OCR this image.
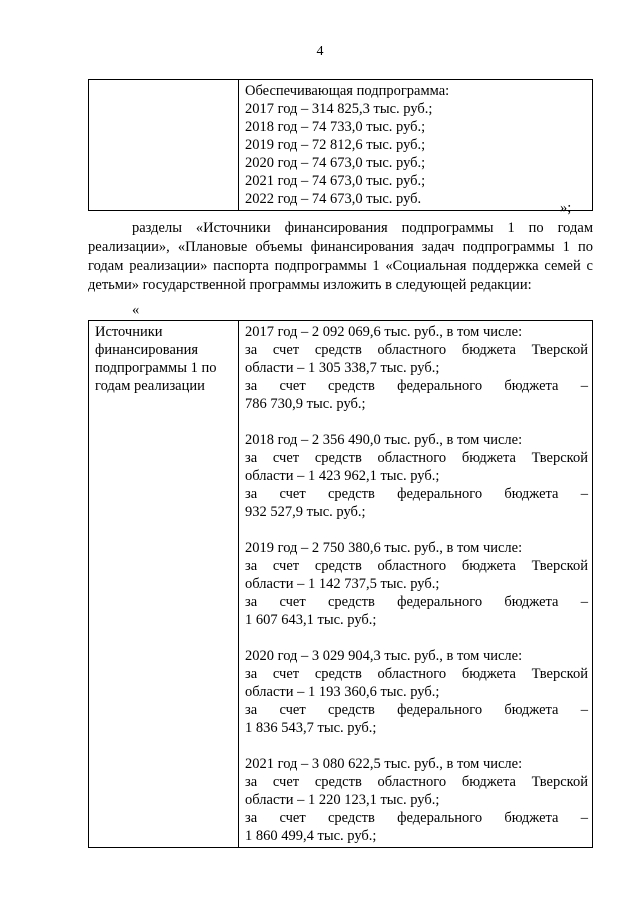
4

Обеспечивающая подпрограмма:
2017 год – 314 825,3 тыс. руб.;
2018 год – 74 733,0 тыс. руб.;
2019 год – 72 812,6 тыс. руб.;
2020 год – 74 673,0 тыс. руб.;
2021 год – 74 673,0 тыс. руб.;
2022 год – 74 673,0 тыс. руб.
»;
разделы «Источники финансирования подпрограммы 1 по годам реализации», «Плановые объемы финансирования задач подпрограммы 1 по годам реализации» паспорта подпрограммы 1 «Социальная поддержка семей с детьми» государственной программы изложить в следующей редакции:
«
Источники финансирования подпрограммы 1 по годам реализации	
2017 год – 2 092 069,6 тыс. руб., в том числе:
за счет средств областного бюджета Тверской
области – 1 305 338,7 тыс. руб.;
за счет средств федерального бюджета –
786 730,9 тыс. руб.;
2018 год – 2 356 490,0 тыс. руб., в том числе:
за счет средств областного бюджета Тверской
области – 1 423 962,1 тыс. руб.;
за счет средств федерального бюджета –
932 527,9 тыс. руб.;
2019 год – 2 750 380,6 тыс. руб., в том числе:
за счет средств областного бюджета Тверской
области – 1 142 737,5 тыс. руб.;
за счет средств федерального бюджета –
1 607 643,1 тыс. руб.;
2020 год – 3 029 904,3 тыс. руб., в том числе:
за счет средств областного бюджета Тверской
области – 1 193 360,6 тыс. руб.;
за счет средств федерального бюджета –
1 836 543,7 тыс. руб.;
2021 год – 3 080 622,5 тыс. руб., в том числе:
за счет средств областного бюджета Тверской
области – 1 220 123,1 тыс. руб.;
за счет средств федерального бюджета –
1 860 499,4 тыс. руб.;
